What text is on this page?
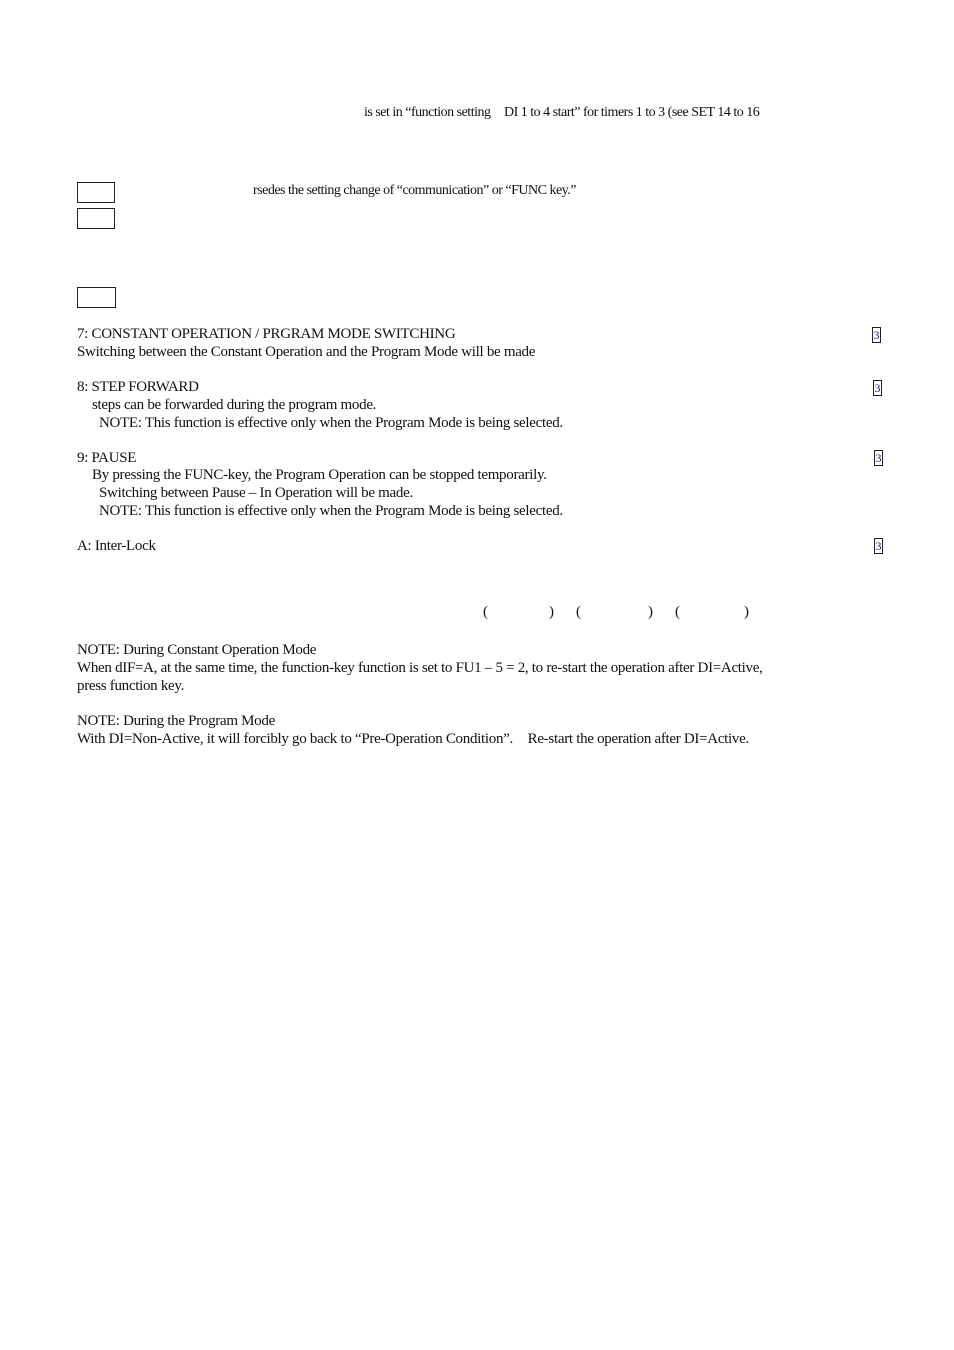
is set in “function setting　DI 1 to 4 start” for timers 1 to 3 (see SET 14 to 16
rsedes the setting change of “communication” or “FUNC key.”
7: CONSTANT OPERATION / PRGRAM MODE SWITCHING	3
Switching between the Constant Operation and the Program Mode will be made
8: STEP FORWARD	3
steps can be forwarded during the program mode.
NOTE: This function is effective only when the Program Mode is being selected.
9: PAUSE	3
By pressing the FUNC-key, the Program Operation can be stopped temporarily.
Switching between Pause – In Operation will be made.
NOTE: This function is effective only when the Program Mode is being selected.
A: Inter-Lock	3
(	) (	) (	)
NOTE: During Constant Operation Mode
When dIF=A, at the same time, the function-key function is set to FU1 – 5 = 2, to re-start the operation after DI=Active,
press function key.
NOTE: During the Program Mode
With DI=Non-Active, it will forcibly go back to “Pre-Operation Condition”.　Re-start the operation after DI=Active.
